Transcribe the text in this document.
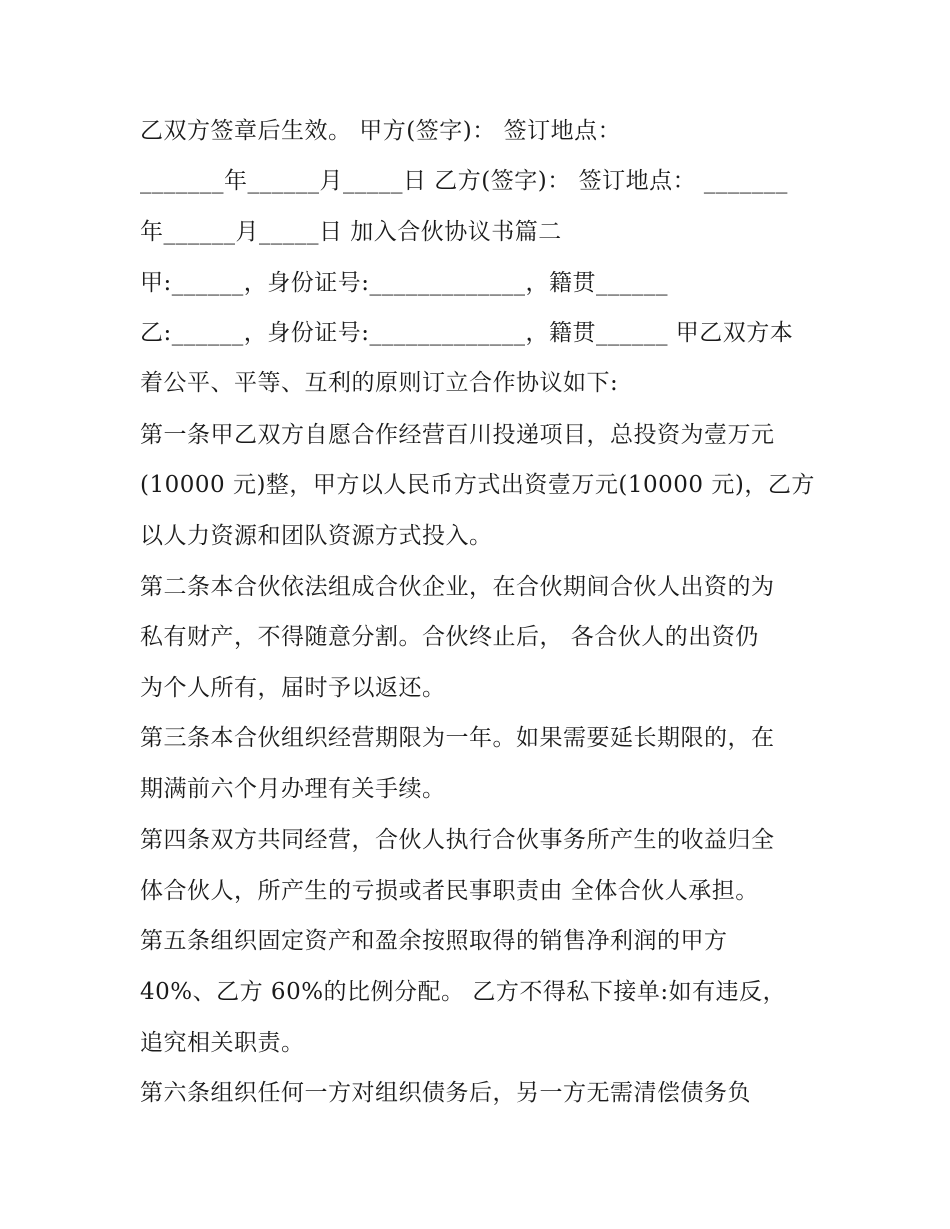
乙双方签章后生效。 甲方(签字)： 签订地点：
_______年______月_____日 乙方(签字)： 签订地点： _______
年______月_____日 加入合伙协议书篇二
甲:______，身份证号:_____________，籍贯______
乙:______，身份证号:_____________，籍贯______ 甲乙双方本
着公平、平等、互利的原则订立合作协议如下:
第一条甲乙双方自愿合作经营百川投递项目，总投资为壹万元
(10000 元)整，甲方以人民币方式出资壹万元(10000 元)，乙方
以人力资源和团队资源方式投入。
第二条本合伙依法组成合伙企业，在合伙期间合伙人出资的为
私有财产，不得随意分割。合伙终止后， 各合伙人的出资仍
为个人所有，届时予以返还。
第三条本合伙组织经营期限为一年。如果需要延长期限的，在
期满前六个月办理有关手续。
第四条双方共同经营，合伙人执行合伙事务所产生的收益归全
体合伙人，所产生的亏损或者民事职责由 全体合伙人承担。
第五条组织固定资产和盈余按照取得的销售净利润的甲方
40%、乙方 60%的比例分配。 乙方不得私下接单:如有违反，
追究相关职责。
第六条组织任何一方对组织债务后，另一方无需清偿债务负
